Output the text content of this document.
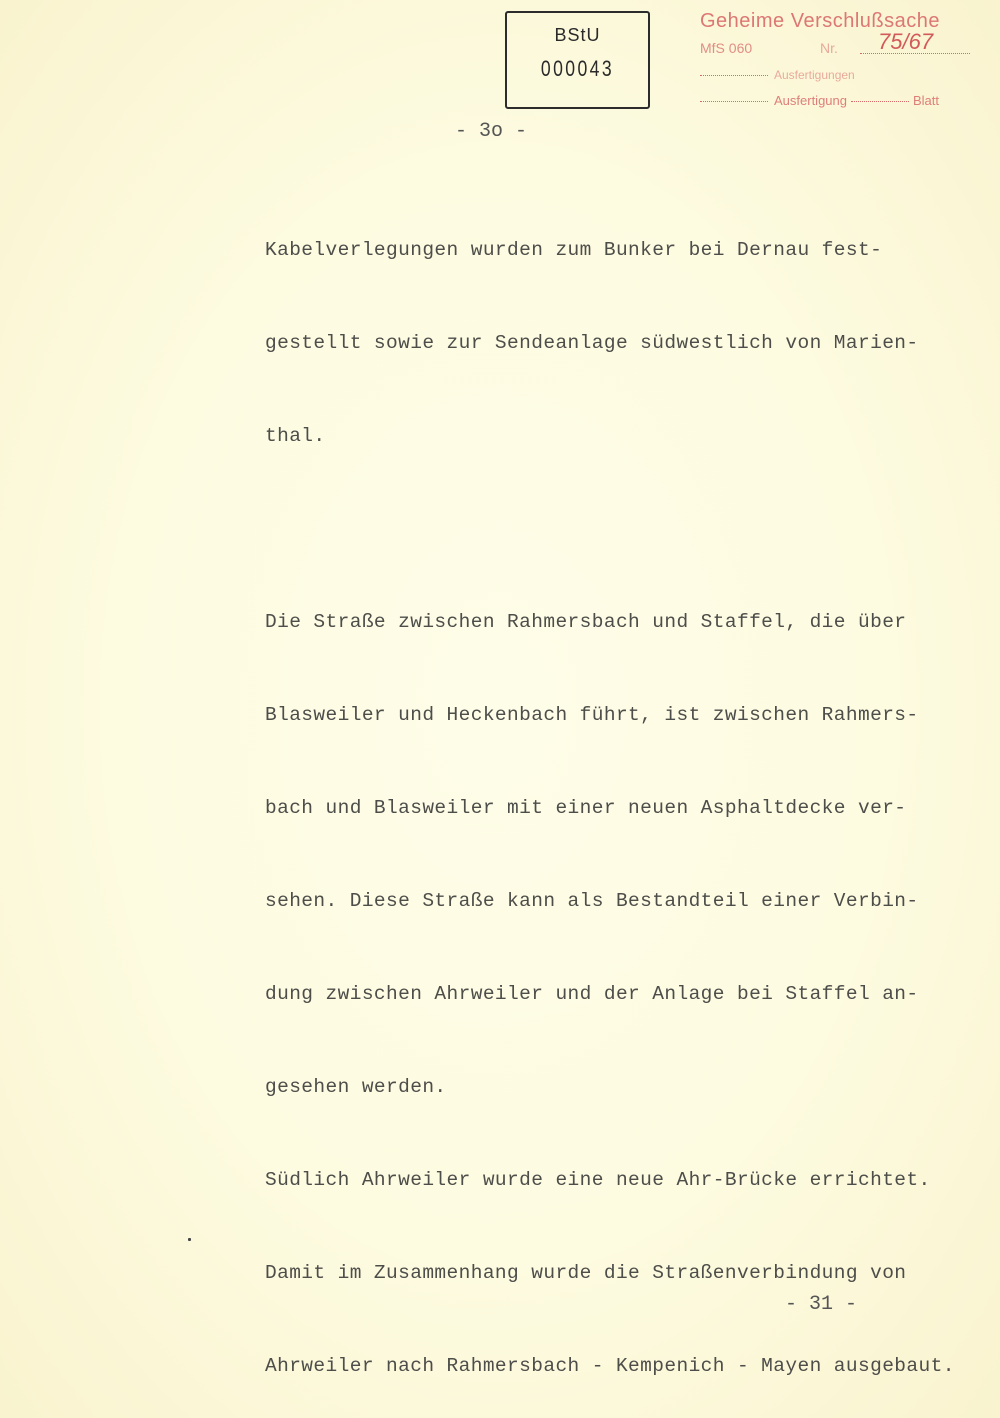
BStU
000043
Geheime Verschlußsache
MfS 060	Nr. 75/67
Ausfertigungen
Ausfertigung	Blatt
- 3o -

Kabelverlegungen wurden zum Bunker bei Dernau fest-

gestellt sowie zur Sendeanlage südwestlich von Marien-

thal.

Die Straße zwischen Rahmersbach und Staffel, die über

Blasweiler und Heckenbach führt, ist zwischen Rahmers-

bach und Blasweiler mit einer neuen Asphaltdecke ver-

sehen. Diese Straße kann als Bestandteil einer Verbin-

dung zwischen Ahrweiler und der Anlage bei Staffel an-

gesehen werden.

Südlich Ahrweiler wurde eine neue Ahr-Brücke errichtet.

Damit im Zusammenhang wurde die Straßenverbindung von

Ahrweiler nach Rahmersbach - Kempenich - Mayen ausgebaut.

- 31 -
